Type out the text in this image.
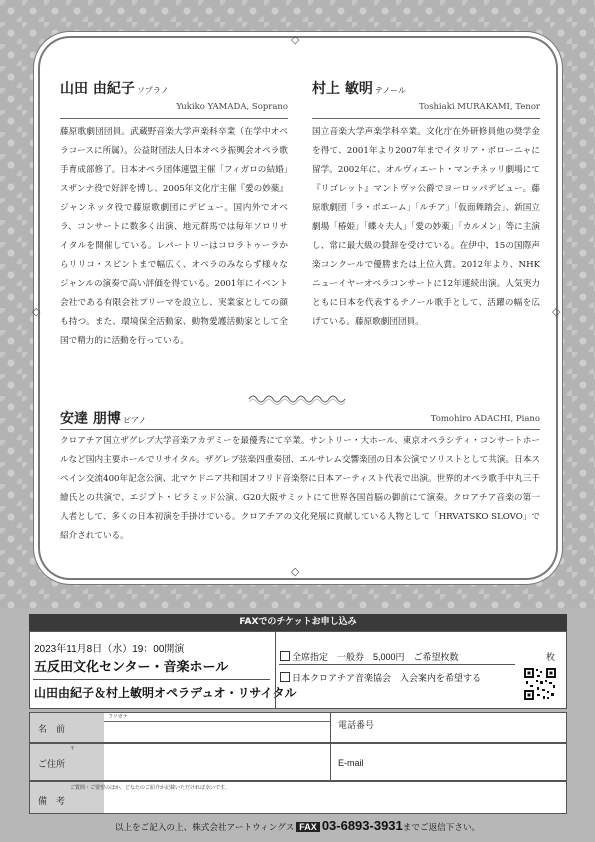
◇
◇
◇	◇
山田 由紀子 ソプラノ
Yukiko YAMADA, Soprano
藤原歌劇団団員。武蔵野音楽大学声楽科卒業（在学中オペラコースに所属）。公益財団法人日本オペラ振興会オペラ歌手育成部修了。日本オペラ団体連盟主催「フィガロの結婚」スザンナ役で好評を博し、2005年文化庁主催『愛の妙薬』ジャンネッタ役で藤原歌劇団にデビュー。国内外でオペラ、コンサートに数多く出演、地元群馬では毎年ソロリサイタルを開催している。レパートリーはコロラトゥーラからリリコ・スピントまで幅広く、オペラのみならず様々なジャンルの演奏で高い評価を得ている。2001年にイベント会社である有限会社プリーマを設立し、実業家としての顔も持つ。また、環境保全活動家、動物愛護活動家として全国で精力的に活動を行っている。
村上 敏明 テノール
Toshiaki MURAKAMI, Tenor
国立音楽大学声楽学科卒業。文化庁在外研修員他の奨学金を得て、2001年より2007年までイタリア・ボローニャに留学。2002年に、オルヴィエート・マンチネッリ劇場にて『リゴレット』マントヴァ公爵でヨーロッパデビュー。藤原歌劇団「ラ・ボエーム」「ルチア」「仮面舞踏会」、新国立劇場「椿姫」「蝶々夫人」「愛の妙薬」「カルメン」等に主演し、常に最大級の賛辞を受けている。在伊中、15の国際声楽コンクールで優勝または上位入賞。2012年より、NHKニューイヤーオペラコンサートに12年連続出演。人気実力ともに日本を代表するテノール歌手として、活躍の幅を広げている。藤原歌劇団団員。
安達 朋博 ピアノ	Tomohiro ADACHI, Piano
クロアチア国立ザグレブ大学音楽アカデミーを最優秀にて卒業。サントリー・大ホール、東京オペラシティ・コンサートホールなど国内主要ホールでリサイタル。ザグレブ弦楽四重奏団、エルサレム交響楽団の日本公演でソリストとして共演。日本スペイン交流400年記念公演、北マケドニア共和国オフリド音楽祭に日本アーティスト代表で出演。世界的オペラ歌手中丸三千繪氏との共演で、エジプト・ピラミッド公演、G20大阪サミットにて世界各国首脳の御前にて演奏。クロアチア音楽の第一人者として、多くの日本初演を手掛けている。クロアチアの文化発展に貢献している人物として「HRVATSKO SLOVO」で紹介されている。
FAXでのチケットお申し込み
2023年11月8日（水）19：00開演
五反田文化センター・音楽ホール
山田由紀子＆村上敏明オペラデュオ・リサイタル
全席指定　一般券　5,000円　ご希望枚数	枚
日本クロアチア音楽協会　入会案内を希望する
名　前
フリガナ
電話番号
ご住所
〒
E-mail
備　考
ご質問・ご要望のほか、どなたのご紹介か記載いただければ幸いです。
以上をご記入の上、株式会社アートウィングス FAX 03-6893-3931までご返信下さい。
